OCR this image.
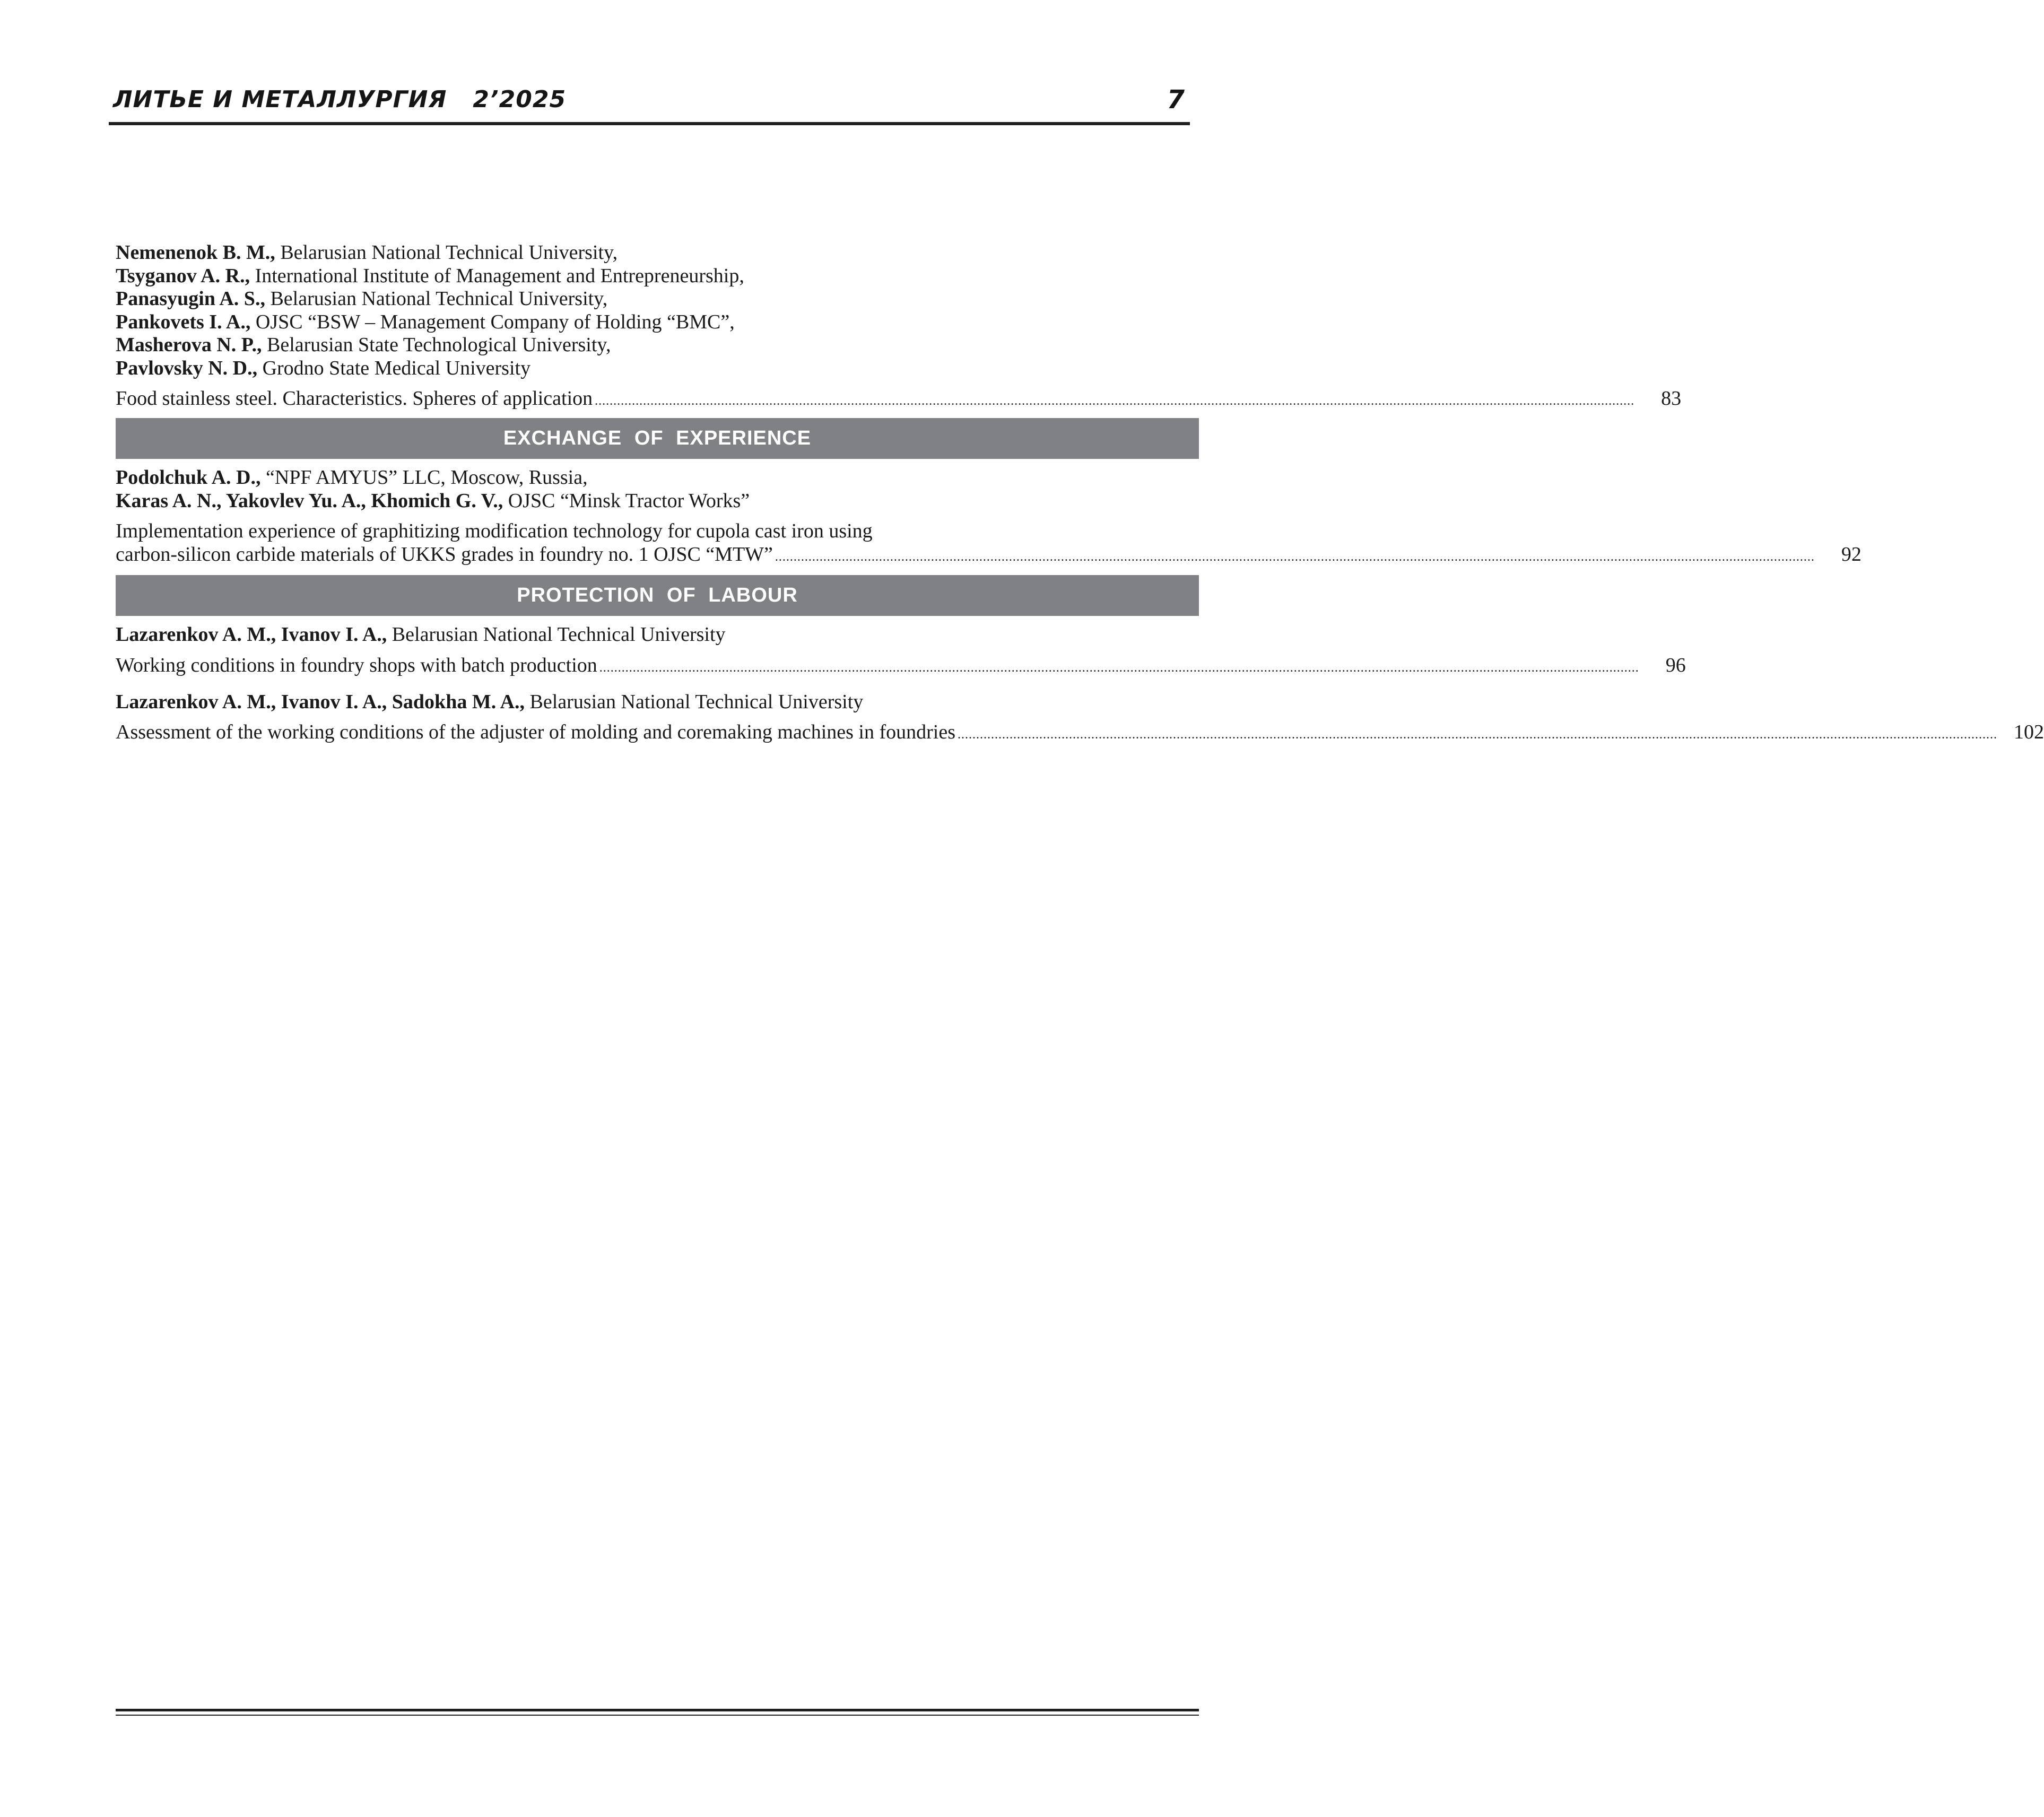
ЛИТЬЕ И МЕТАЛЛУРГИЯ   2’2025	7
Nemenenok B. M., Belarusian National Technical University,
Tsyganov A. R., International Institute of Management and Entrepreneurship,
Panasyugin A. S., Belarusian National Technical University,
Pankovets I. A., OJSC “BSW – Management Company of Holding “BMC”,
Masherova N. P., Belarusian State Technological University,
Pavlovsky N. D., Grodno State Medical University
Food stainless steel. Characteristics. Spheres of application ........................................................................................................................................................................................................................................................................................	83
EXCHANGE OF EXPERIENCE
Podolchuk A. D., “NPF AMYUS” LLC, Moscow, Russia,
Karas A. N., Yakovlev Yu. A., Khomich G. V., OJSC “Minsk Tractor Works”
Implementation experience of graphitizing modification technology for cupola cast iron using
carbon-silicon carbide materials of UKKS grades in foundry no. 1 OJSC “MTW” ........................................................................................................................................................................................................................................................................................	92
PROTECTION OF LABOUR
Lazarenkov A. M., Ivanov I. A., Belarusian National Technical University
Working conditions in foundry shops with batch production ........................................................................................................................................................................................................................................................................................	96
Lazarenkov A. M., Ivanov I. A., Sadokha M. A., Belarusian National Technical University
Assessment of the working conditions of the adjuster of molding and coremaking machines in foundries ........................................................................................................................................................................................................................................................................................ 102
